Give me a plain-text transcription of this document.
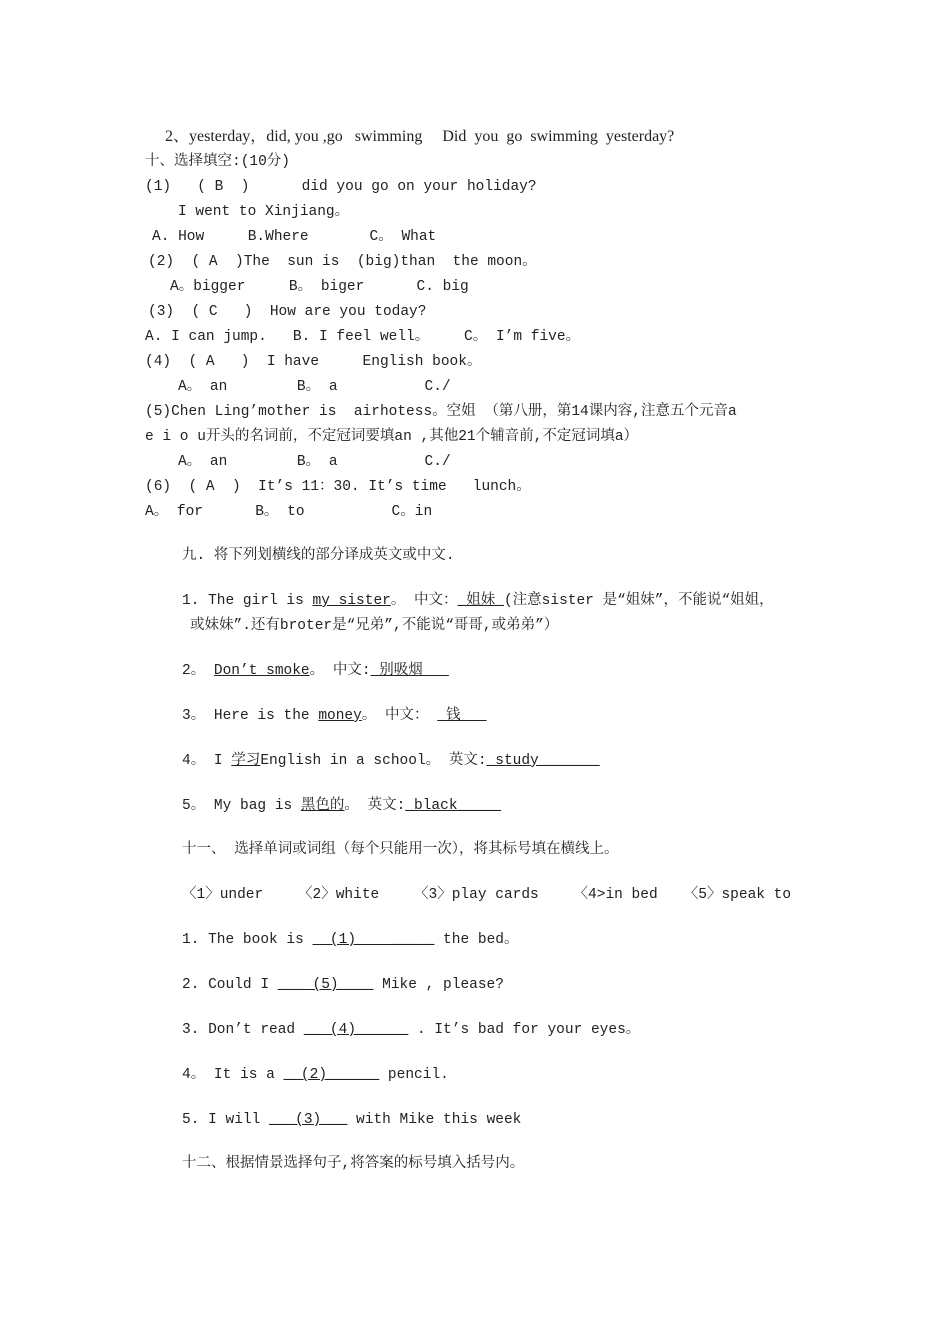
2、yesterday，did, you ,go   swimming     Did  you  go  swimming  yesterday?
十、选择填空:(10分)
(1)   ( B  )      did you go on your holiday?
I went to Xinjiang。
A. How     B.Where       C。 What
(2)  ( A  )The  sun is  (big)than  the moon。
A。bigger     B。 biger      C. big
(3)  ( C   )  How are you today?
A. I can jump.   B. I feel well。    C。 I’m five。
(4)  ( A   )  I have     English book。
A。 an        B。 a          C./
(5)Chen Ling’mother is  airhotess。空姐 （第八册，第14课内容,注意五个元音a
e i o u开头的名词前，不定冠词要填an ,其他21个辅音前,不定冠词填a）
A。 an        B。 a          C./
(6)  ( A  )  It’s 11：30. It’s time   lunch。
A。 for      B。 to          C。in
九. 将下列划横线的部分译成英文或中文.
1. The girl is my sister。 中文：_姐妹_(注意sister 是“姐妹”，不能说“姐姐，
或妹妹”.还有broter是“兄弟”,不能说“哥哥,或弟弟”）
2。 Don’t smoke。 中文: 别吸烟
3。 Here is the money。 中文：  钱
4。 I 学习English in a school。 英文:_study_______
5。 My bag is 黑色的。 英文:_black_____
十一、 选择单词或词组（每个只能用一次），将其标号填在横线上。
〈1〉under    〈2〉white    〈3〉play cards    〈4>in bed   〈5〉speak to
1. The book is   (1)    _____ the bed。
2. Could I ___ (5)____ Mike , please?
3. Don’t read __ (4)______ . It’s bad for your eyes。
4。 It is a __(2)______ pencil.
5. I will ___(3)___ with Mike this week
十二、根据情景选择句子,将答案的标号填入括号内。
